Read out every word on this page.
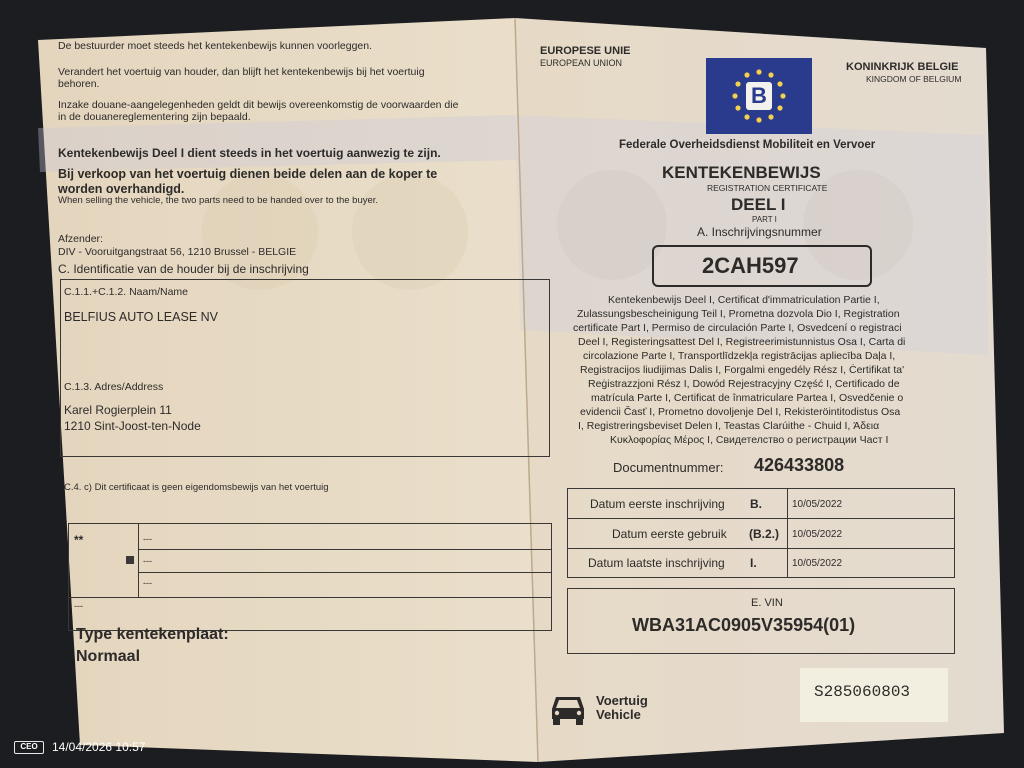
De bestuurder moet steeds het kentekenbewijs kunnen voorleggen.
Verandert het voertuig van houder, dan blijft het kentekenbewijs bij het voertuig
behoren.
Inzake douane-aangelegenheden geldt dit bewijs overeenkomstig de voorwaarden die
in de douanereglementering zijn bepaald.
Kentekenbewijs Deel I dient steeds in het voertuig aanwezig te zijn.
Bij verkoop van het voertuig dienen beide delen aan de koper te
worden overhandigd.
When selling the vehicle, the two parts need to be handed over to the buyer.
Afzender:
DIV - Vooruitgangstraat 56, 1210 Brussel - BELGIE
C. Identificatie van de houder bij de inschrijving
C.1.1.+C.1.2. Naam/Name
BELFIUS AUTO LEASE NV
C.1.3. Adres/Address
Karel Rogierplein 11
1210 Sint-Joost-ten-Node
C.4. c) Dit certificaat is geen eigendomsbewijs van het voertuig
**	---
---
---
---
Type kentekenplaat:
Normaal
EUROPESE UNIE
EUROPEAN UNION
B
KONINKRIJK BELGIE
KINGDOM OF BELGIUM
Federale Overheidsdienst Mobiliteit en Vervoer
KENTEKENBEWIJS
REGISTRATION CERTIFICATE
DEEL I
PART I
A. Inschrijvingsnummer
2CAH597
Kentekenbewijs Deel I, Certificat d'immatriculation Partie I,
Zulassungsbescheinigung Teil I, Prometna dozvola Dio I, Registration
certificate Part I, Permiso de circulación Parte I, Osvedcení o registraci
Deel I, Registeringsattest Del I, Registreerimistunnistus Osa I, Carta di
circolazione Parte I, Transportlīdzekļa registrācijas apliecība Daļa I,
Registracijos liudijimas Dalis I, Forgalmi engedély Rész I, Ċertifikat ta'
Reġistrazzjoni Rész I, Dowód Rejestracyjny Część I, Certificado de
matrícula Parte I, Certificat de înmatriculare Partea I, Osvedčenie o
evidencii Časť I, Prometno dovoljenje Del I, Rekisteröintitodistus Osa
I, Registreringsbeviset Delen I, Teastas Clarúithe - Chuid I, Άδεια
Κυκλοφορίας Μέρος I, Свидетелство о регистрации Част I
Documentnummer: 426433808
Datum eerste inschrijving B.	10/05/2022
Datum eerste gebruik (B.2.) 10/05/2022
Datum laatste inschrijving I.	10/05/2022
E. VIN
WBA31AC0905V35954(01)
Voertuig
Vehicle
S285060803
CEO	14/04/2026 10:57
